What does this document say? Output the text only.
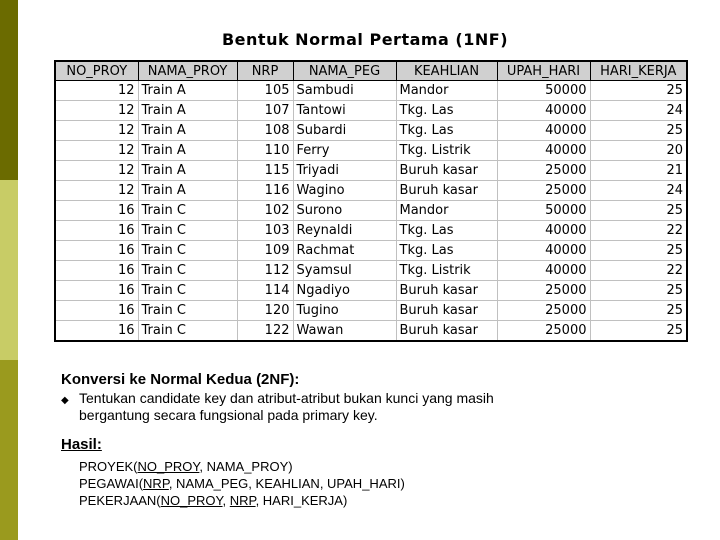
Bentuk Normal Pertama (1NF)
NO_PROY	NAMA_PROY	NRP	NAMA_PEG	KEAHLIAN	UPAH_HARI	HARI_KERJA
12	Train A	105	Sambudi	Mandor	50000	25
12	Train A	107	Tantowi	Tkg. Las	40000	24
12	Train A	108	Subardi	Tkg. Las	40000	25
12	Train A	110	Ferry	Tkg. Listrik	40000	20
12	Train A	115	Triyadi	Buruh kasar	25000	21
12	Train A	116	Wagino	Buruh kasar	25000	24
16	Train C	102	Surono	Mandor	50000	25
16	Train C	103	Reynaldi	Tkg. Las	40000	22
16	Train C	109	Rachmat	Tkg. Las	40000	25
16	Train C	112	Syamsul	Tkg. Listrik	40000	22
16	Train C	114	Ngadiyo	Buruh kasar	25000	25
16	Train C	120	Tugino	Buruh kasar	25000	25
16	Train C	122	Wawan	Buruh kasar	25000	25
Konversi ke Normal Kedua (2NF):
◆ Tentukan candidate key dan atribut-atribut bukan kunci yang masih bergantung secara fungsional pada primary key.
Hasil:
PROYEK(NO_PROY, NAMA_PROY)
PEGAWAI(NRP, NAMA_PEG, KEAHLIAN, UPAH_HARI)
PEKERJAAN(NO_PROY, NRP, HARI_KERJA)
